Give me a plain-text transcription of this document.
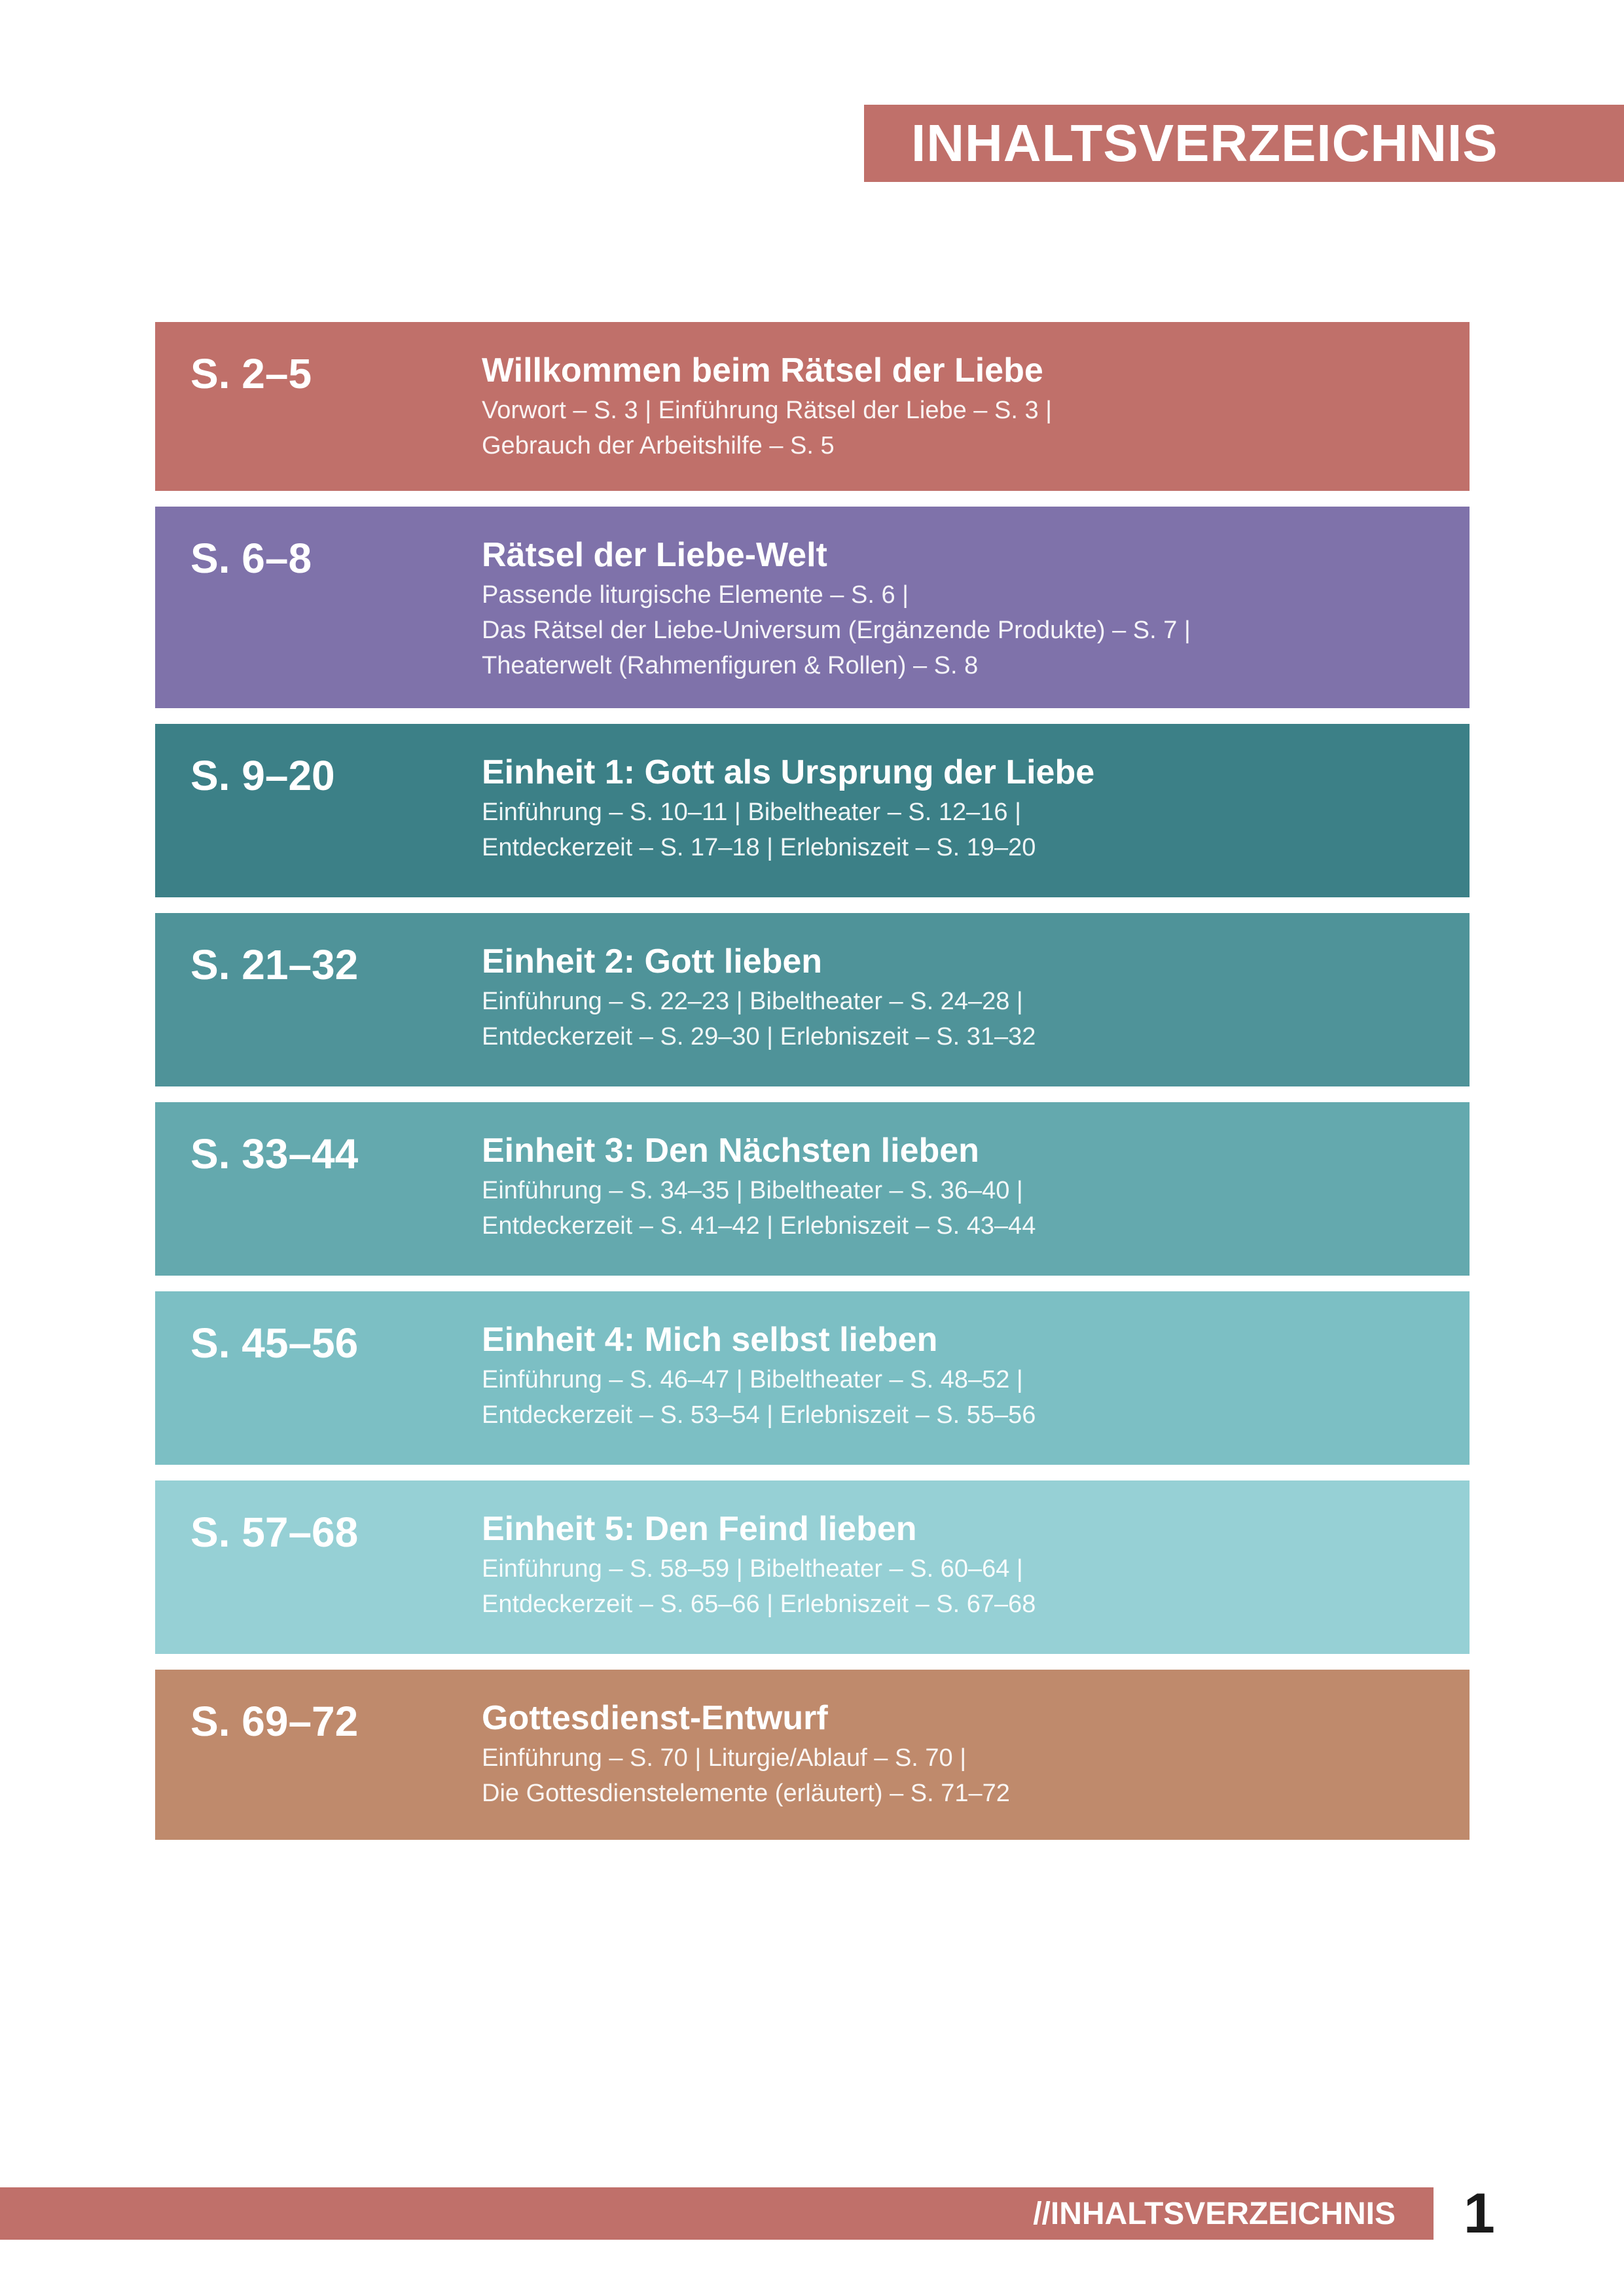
INHALTSVERZEICHNIS
S. 2–5	Willkommen beim Rätsel der Liebe
Vorwort – S. 3 | Einführung Rätsel der Liebe – S. 3 |
Gebrauch der Arbeitshilfe – S. 5
S. 6–8	Rätsel der Liebe-Welt
Passende liturgische Elemente – S. 6 |
Das Rätsel der Liebe-Universum (Ergänzende Produkte) – S. 7 |
Theaterwelt (Rahmenfiguren & Rollen) – S. 8
S. 9–20	Einheit 1: Gott als Ursprung der Liebe
Einführung – S. 10–11 | Bibeltheater – S. 12–16 |
Entdeckerzeit – S. 17–18 | Erlebniszeit – S. 19–20
S. 21–32	Einheit 2: Gott lieben
Einführung – S. 22–23 | Bibeltheater – S. 24–28 |
Entdeckerzeit – S. 29–30 | Erlebniszeit – S. 31–32
S. 33–44	Einheit 3: Den Nächsten lieben
Einführung – S. 34–35 | Bibeltheater – S. 36–40 |
Entdeckerzeit – S. 41–42 | Erlebniszeit – S. 43–44
S. 45–56	Einheit 4: Mich selbst lieben
Einführung – S. 46–47 | Bibeltheater – S. 48–52 |
Entdeckerzeit – S. 53–54 | Erlebniszeit – S. 55–56
S. 57–68	Einheit 5: Den Feind lieben
Einführung – S. 58–59 | Bibeltheater – S. 60–64 |
Entdeckerzeit – S. 65–66 | Erlebniszeit – S. 67–68
S. 69–72	Gottesdienst-Entwurf
Einführung – S. 70 | Liturgie/Ablauf – S. 70 |
Die Gottesdienstelemente (erläutert) – S. 71–72
//INHALTSVERZEICHNIS 1
